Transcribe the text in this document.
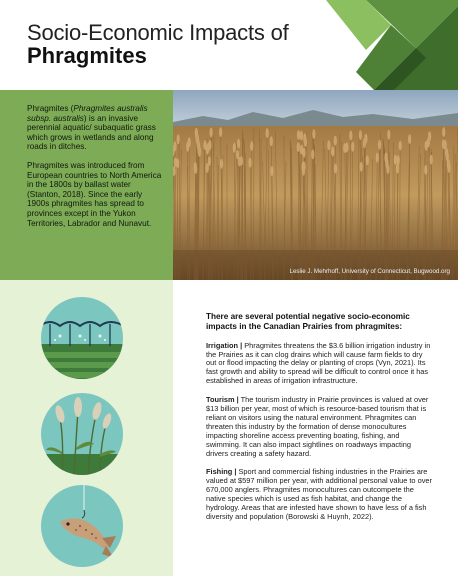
Socio-Economic Impacts of
Phragmites

Phragmites (Phragmites australis subsp. australis) is an invasive perennial aquatic/ subaquatic grass which grows in wetlands and along roads in ditches.

Phragmites was introduced from European countries to North America in the 1800s by ballast water (Stanton, 2018). Since the early 1900s phragmites has spread to provinces except in the Yukon Territories, Labrador and Nunavut.

Leslie J. Mehrhoff, University of Connecticut, Bugwood.org

There are several potential negative socio-economic impacts in the Canadian Prairies from phragmites:

Irrigation | Phragmites threatens the $3.6 billion irrigation industry in the Prairies as it can clog drains which will cause farm fields to dry out or flood impacting the delay or planting of crops (Vyn, 2021). Its fast growth and ability to spread will be difficult to control once it has established in areas of irrigation infrastructure.

Tourism | The tourism industry in Prairie provinces is valued at over $13 billion per year, most of which is resource-based tourism that is reliant on visitors using the natural environment. Phragmites can threaten this industry by the formation of dense monocultures impacting shoreline access preventing boating, fishing, and swimming. It can also impact sightlines on roadways impacting drivers creating a safety hazard.

Fishing | Sport and commercial fishing industries in the Prairies are valued at $597 million per year, with additional personal value to over 670,000 anglers. Phragmites monocultures can outcompete the native species which is used as fish habitat, and change the hydrology. Areas that are infested have shown to have less of a fish diversity and population (Borowski & Huynh, 2022).
